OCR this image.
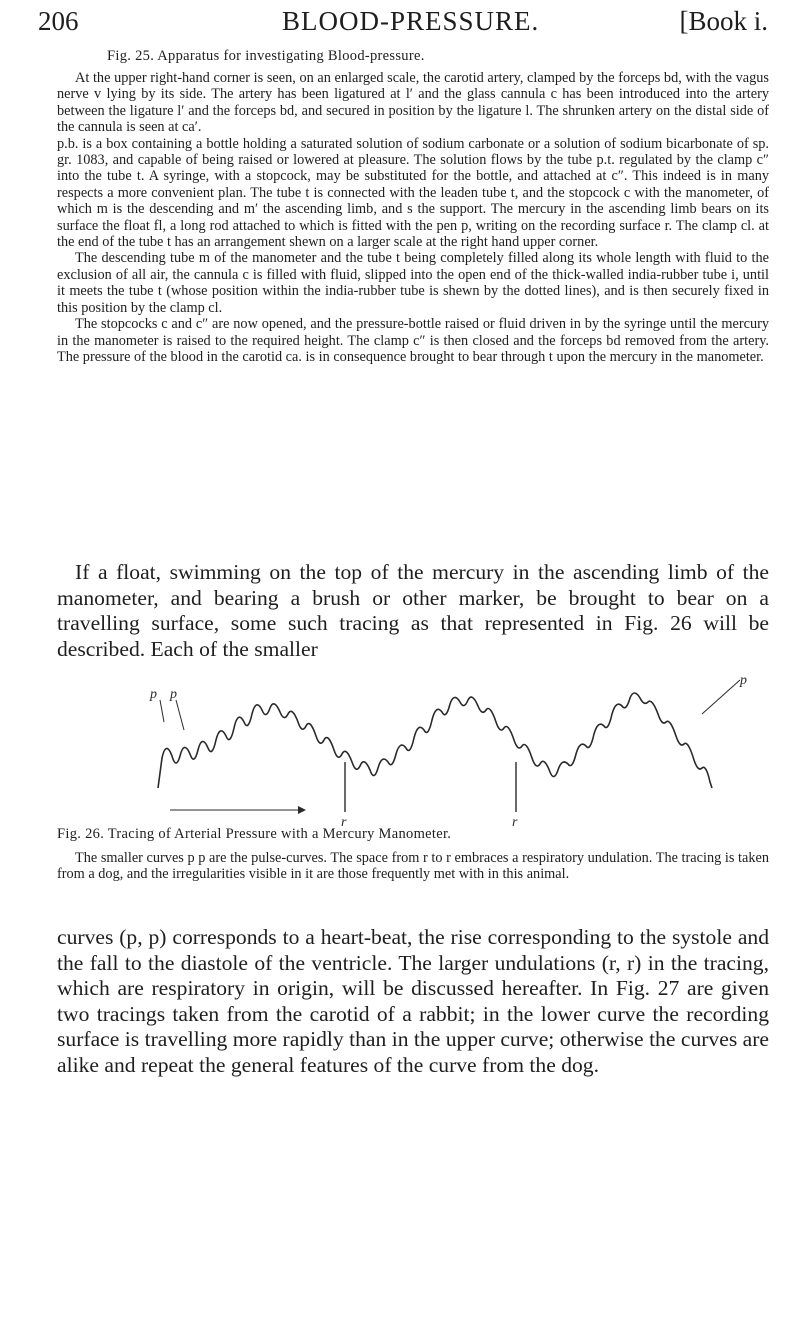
206	BLOOD-PRESSURE.	[Book i.
Fig. 25. Apparatus for investigating Blood-pressure.

At the upper right-hand corner is seen, on an enlarged scale, the carotid artery, clamped by the forceps bd, with the vagus nerve v lying by its side. The artery has been ligatured at l′ and the glass cannula c has been introduced into the artery between the ligature l′ and the forceps bd, and secured in position by the ligature l. The shrunken artery on the distal side of the cannula is seen at ca′.

p.b. is a box containing a bottle holding a saturated solution of sodium carbonate or a solution of sodium bicarbonate of sp. gr. 1083, and capable of being raised or lowered at pleasure. The solution flows by the tube p.t. regulated by the clamp c″ into the tube t. A syringe, with a stopcock, may be substituted for the bottle, and attached at c″. This indeed is in many respects a more convenient plan. The tube t is connected with the leaden tube t, and the stopcock c with the manometer, of which m is the descending and m′ the ascending limb, and s the support. The mercury in the ascending limb bears on its surface the float fl, a long rod attached to which is fitted with the pen p, writing on the recording surface r. The clamp cl. at the end of the tube t has an arrangement shewn on a larger scale at the right hand upper corner.

The descending tube m of the manometer and the tube t being completely filled along its whole length with fluid to the exclusion of all air, the cannula c is filled with fluid, slipped into the open end of the thick-walled india-rubber tube i, until it meets the tube t (whose position within the india-rubber tube is shewn by the dotted lines), and is then securely fixed in this position by the clamp cl.

The stopcocks c and c″ are now opened, and the pressure-bottle raised or fluid driven in by the syringe until the mercury in the manometer is raised to the required height. The clamp c″ is then closed and the forceps bd removed from the artery. The pressure of the blood in the carotid ca. is in consequence brought to bear through t upon the mercury in the manometer.

If a float, swimming on the top of the mercury in the ascending limb of the manometer, and bearing a brush or other marker, be brought to bear on a travelling surface, some such tracing as that represented in Fig. 26 will be described. Each of the smaller

p p
p
r	r
Fig. 26. Tracing of Arterial Pressure with a Mercury Manometer.

The smaller curves p p are the pulse-curves. The space from r to r embraces a respiratory undulation. The tracing is taken from a dog, and the irregularities visible in it are those frequently met with in this animal.

curves (p, p) corresponds to a heart-beat, the rise corresponding to the systole and the fall to the diastole of the ventricle. The larger undulations (r, r) in the tracing, which are respiratory in origin, will be discussed hereafter. In Fig. 27 are given two tracings taken from the carotid of a rabbit; in the lower curve the recording surface is travelling more rapidly than in the upper curve; otherwise the curves are alike and repeat the general features of the curve from the dog.
